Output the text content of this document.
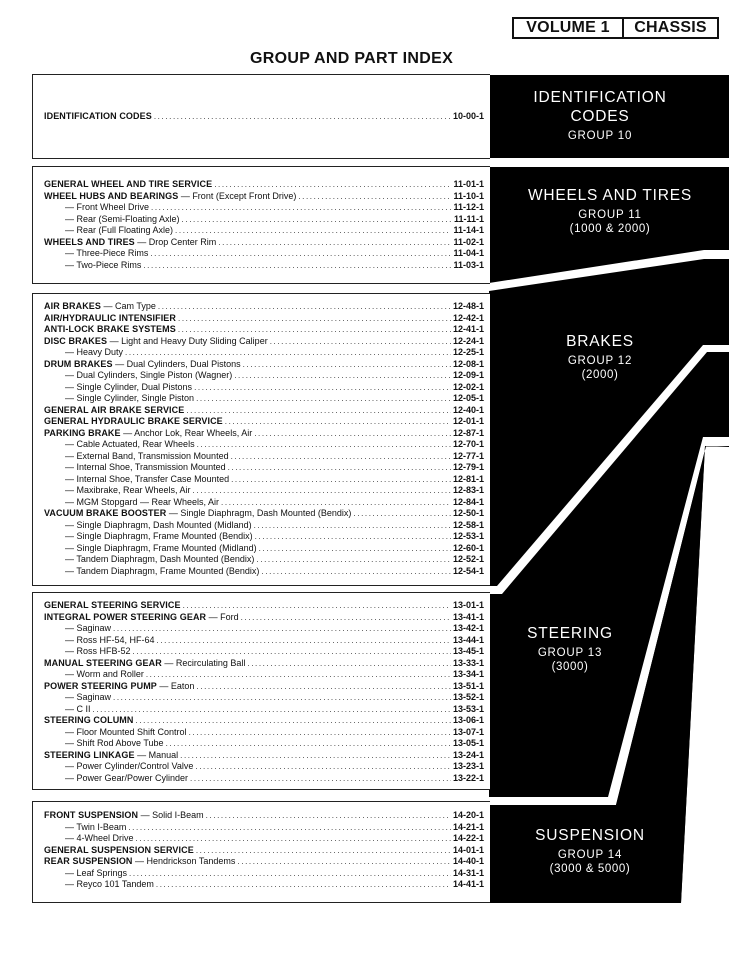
VOLUME 1	CHASSIS
GROUP AND PART INDEX
IDENTIFICATION CODES .....	10-00-1
IDENTIFICATION
CODES
GROUP 10
GENERAL WHEEL AND TIRE SERVICE .....	11-01-1
WHEEL HUBS AND BEARINGS — Front (Except Front Drive) .....	11-10-1
— Front Wheel Drive .....	11-12-1
— Rear (Semi-Floating Axle) .....	11-11-1
— Rear (Full Floating Axle) .....	11-14-1
WHEELS AND TIRES — Drop Center Rim .....	11-02-1
— Three-Piece Rims .....	11-04-1
— Two-Piece Rims .....	11-03-1
WHEELS AND TIRES
GROUP 11
(1000 & 2000)
AIR BRAKES — Cam Type .....	12-48-1
AIR/HYDRAULIC INTENSIFIER .....	12-42-1
ANTI-LOCK BRAKE SYSTEMS .....	12-41-1
DISC BRAKES — Light and Heavy Duty Sliding Caliper .....	12-24-1
— Heavy Duty .....	12-25-1
DRUM BRAKES — Dual Cylinders, Dual Pistons .....	12-08-1
— Dual Cylinders, Single Piston (Wagner) .....	12-09-1
— Single Cylinder, Dual Pistons .....	12-02-1
— Single Cylinder, Single Piston .....	12-05-1
GENERAL AIR BRAKE SERVICE .....	12-40-1
GENERAL HYDRAULIC BRAKE SERVICE .....	12-01-1
PARKING BRAKE — Anchor Lok, Rear Wheels, Air .....	12-87-1
— Cable Actuated, Rear Wheels .....	12-70-1
— External Band, Transmission Mounted .....	12-77-1
— Internal Shoe, Transmission Mounted .....	12-79-1
— Internal Shoe, Transfer Case Mounted .....	12-81-1
— Maxibrake, Rear Wheels, Air .....	12-83-1
— MGM Stopgard — Rear Wheels, Air .....	12-84-1
VACUUM BRAKE BOOSTER — Single Diaphragm, Dash Mounted (Bendix) .....	12-50-1
— Single Diaphragm, Dash Mounted (Midland) .....	12-58-1
— Single Diaphragm, Frame Mounted (Bendix) .....	12-53-1
— Single Diaphragm, Frame Mounted (Midland) .....	12-60-1
— Tandem Diaphragm, Dash Mounted (Bendix) .....	12-52-1
— Tandem Diaphragm, Frame Mounted (Bendix) .....	12-54-1
BRAKES
GROUP 12
(2000)
GENERAL STEERING SERVICE .....	13-01-1
INTEGRAL POWER STEERING GEAR — Ford .....	13-41-1
— Saginaw .....	13-42-1
— Ross HF-54, HF-64 .....	13-44-1
— Ross HFB-52 .....	13-45-1
MANUAL STEERING GEAR — Recirculating Ball .....	13-33-1
— Worm and Roller .....	13-34-1
POWER STEERING PUMP — Eaton .....	13-51-1
— Saginaw .....	13-52-1
— C II .....	13-53-1
STEERING COLUMN .....	13-06-1
— Floor Mounted Shift Control .....	13-07-1
— Shift Rod Above Tube .....	13-05-1
STEERING LINKAGE — Manual .....	13-24-1
— Power Cylinder/Control Valve .....	13-23-1
— Power Gear/Power Cylinder .....	13-22-1
STEERING
GROUP 13
(3000)
FRONT SUSPENSION — Solid I-Beam .....	14-20-1
— Twin I-Beam .....	14-21-1
— 4-Wheel Drive .....	14-22-1
GENERAL SUSPENSION SERVICE .....	14-01-1
REAR SUSPENSION — Hendrickson Tandems .....	14-40-1
— Leaf Springs .....	14-31-1
— Reyco 101 Tandem .....	14-41-1
SUSPENSION
GROUP 14
(3000 & 5000)
